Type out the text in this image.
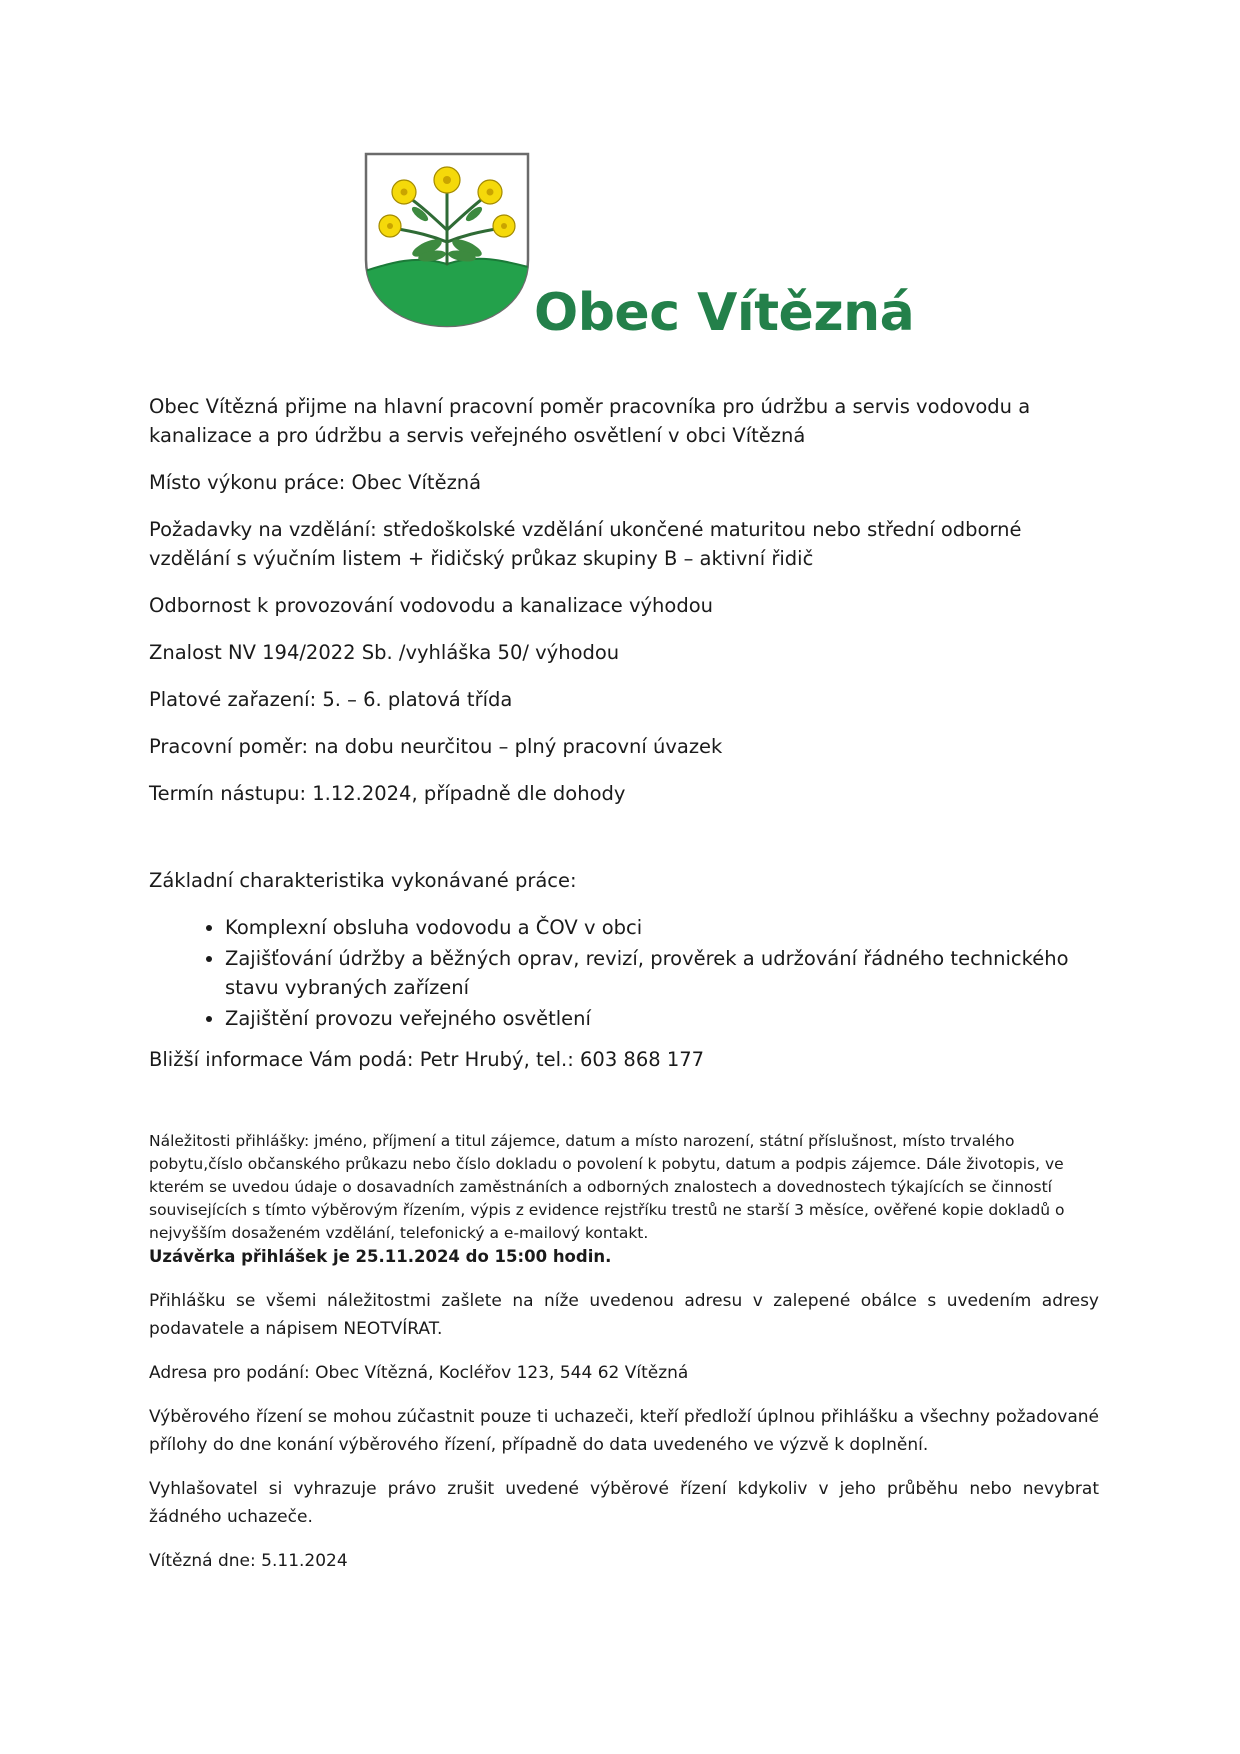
Obec Vítězná

Obec Vítězná přijme na hlavní pracovní poměr pracovníka pro údržbu a servis vodovodu a kanalizace a pro údržbu a servis veřejného osvětlení v obci Vítězná

Místo výkonu práce: Obec Vítězná

Požadavky na vzdělání: středoškolské vzdělání ukončené maturitou nebo střední odborné vzdělání s výučním listem + řidičský průkaz skupiny B – aktivní řidič

Odbornost k provozování vodovodu a kanalizace výhodou

Znalost NV 194/2022 Sb. /vyhláška 50/ výhodou

Platové zařazení: 5. – 6. platová třída

Pracovní poměr: na dobu neurčitou – plný pracovní úvazek

Termín nástupu: 1.12.2024, případně dle dohody

Základní charakteristika vykonávané práce:

• Komplexní obsluha vodovodu a ČOV v obci
• Zajišťování údržby a běžných oprav, revizí, prověrek a udržování řádného technického stavu vybraných zařízení
• Zajištění provozu veřejného osvětlení

Bližší informace Vám podá: Petr Hrubý, tel.: 603 868 177

Náležitosti přihlášky: jméno, příjmení a titul zájemce, datum a místo narození, státní příslušnost, místo trvalého pobytu,číslo občanského průkazu nebo číslo dokladu o povolení k pobytu, datum a podpis zájemce. Dále životopis, ve kterém se uvedou údaje o dosavadních zaměstnáních a odborných znalostech a dovednostech týkajících se činností souvisejících s tímto výběrovým řízením, výpis z evidence rejstříku trestů ne starší 3 měsíce, ověřené kopie dokladů o nejvyšším dosaženém vzdělání, telefonický a e-mailový kontakt.

Uzávěrka přihlášek je 25.11.2024 do 15:00 hodin.

Přihlášku se všemi náležitostmi zašlete na níže uvedenou adresu v zalepené obálce s uvedením adresy podavatele a nápisem NEOTVÍRAT.

Adresa pro podání: Obec Vítězná, Kocléřov 123, 544 62 Vítězná

Výběrového řízení se mohou zúčastnit pouze ti uchazeči, kteří předloží úplnou přihlášku a všechny požadované přílohy do dne konání výběrového řízení, případně do data uvedeného ve výzvě k doplnění.

Vyhlašovatel si vyhrazuje právo zrušit uvedené výběrové řízení kdykoliv v jeho průběhu nebo nevybrat žádného uchazeče.

Vítězná dne: 5.11.2024
